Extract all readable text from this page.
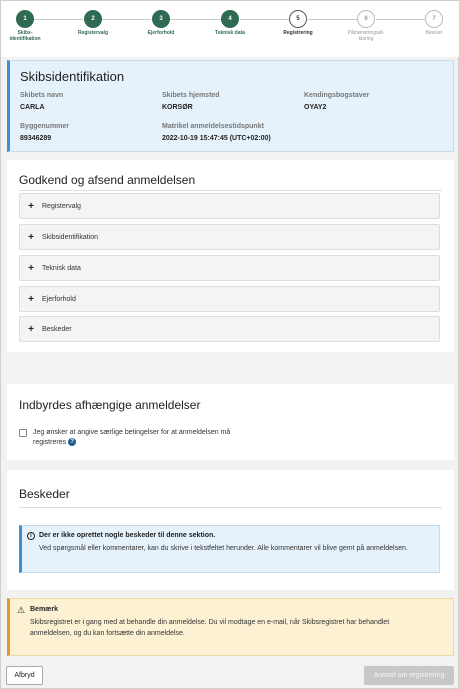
1
Skibs-
identifikation
2
Registervalg
3
Ejerforhold
4
Teknisk data
5
Registrering
6
Påmønstringsaf-
klaring
7
Beviser
Skibsidentifikation
Skibets navn
CARLA
Skibets hjemsted
KORSØR
Kendingsbogstaver
OYAY2
Byggenummer
89346289
Matrikel anmeldelsestidspunkt
2022-10-19 15:47:45 (UTC+02:00)
Godkend og afsend anmeldelsen
+	Registervalg
+	Skibsidentifikation
+	Teknisk data
+	Ejerforhold
+	Beskeder
Indbyrdes afhængige anmeldelser
Jeg ønsker at angive særlige betingelser for at anmeldelsen må registreres ?
Beskeder
i	Der er ikke oprettet nogle beskeder til denne sektion.
Ved spørgsmål eller kommentarer, kan du skrive i tekstfeltet herunder. Alle kommentarer vil blive gemt på anmeldelsen.
⚠ Bemærk
Skibsregistret er i gang med at behandle din anmeldelse. Du vil modtage en e-mail, når Skibsregistret har behandlet anmeldelsen, og du kan fortsætte din anmeldelse.
Afbryd	Anmod om registrering
